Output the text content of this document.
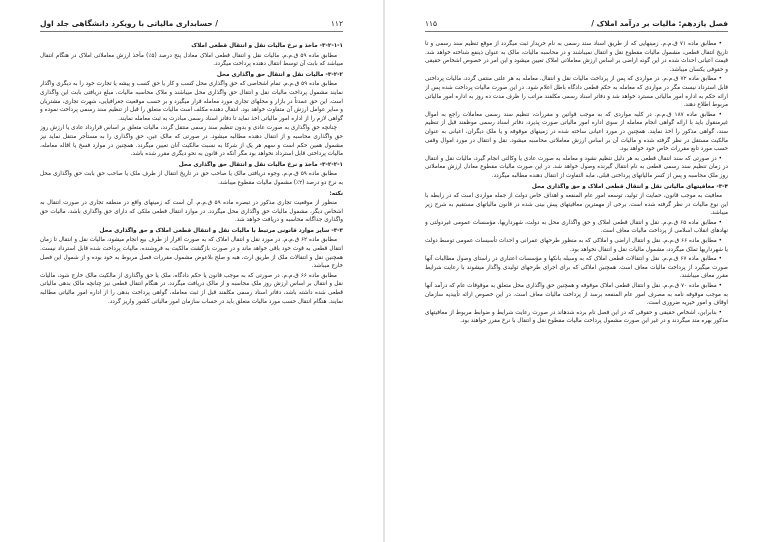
۱۱۲
/ حسابداری مالیاتی با رویکرد دانشگاهی جلد اول

۳-۲-۱-۱- ماخذ و نرخ مالیات نقل و انتقال قطعی املاک

مطابق ماده ۵۹ ق.م.م. مالیات نقل و انتقال قطعی املاک معادل پنج درصد (۵٪) مأخذ ارزش معاملاتی املاک در هنگام انتقال میباشد که بابت آن توسط انتقال دهنده پرداخت میگردد.

۳-۲-۲- مالیات نقل و انتقال حق واگذاری محل

مطابق ماده ۵۹ ق.م.م. تمام اشخاصی که حق واگذاری محل کسب و کار یا حق کسب و پیشه یا تجارت خود را به دیگری واگذار نمایند مشمول پرداخت مالیات نقل و انتقال حق واگذاری محل میباشند و ملاک محاسبه مالیات، مبلغ دریافتی بابت این واگذاری است. این حق عمدتاً در بازار و محلهای تجاری مورد معامله قرار میگیرد و بر حسب موقعیت جغرافیایی، شهرت تجاری، مشتریان و سایر عوامل ارزش آن متفاوت خواهد بود. انتقال دهنده مکلف است مالیات متعلق را قبل از تنظیم سند رسمی پرداخت نموده و گواهی لازم را از اداره امور مالیاتی اخذ نماید تا دفاتر اسناد رسمی مبادرت به ثبت معامله نمایند.

چنانچه حق واگذاری به صورت عادی و بدون تنظیم سند رسمی منتقل گردد، مالیات متعلق بر اساس قرارداد عادی یا ارزش روز حق واگذاری محاسبه و از انتقال دهنده مطالبه میشود. در صورتی که مالک عین، حق واگذاری را به مستأجر منتقل نماید نیز مشمول همین حکم است و سهم هر یک از شرکا به نسبت مالکیت آنان تعیین میگردد. همچنین در موارد فسخ یا اقاله معامله، مالیات پرداختی قابل استرداد نخواهد بود مگر آنکه در قانون به نحو دیگری مقرر شده باشد.

۳-۲-۲-۱- ماخذ و نرخ مالیات نقل و انتقال حق واگذاری محل

مطابق ماده ۵۹ ق.م.م. وجوه دریافتی مالک یا صاحب حق در تاریخ انتقال از طرف ملک یا صاحب حق بابت حق واگذاری محل به نرخ دو درصد (۲٪) مشمول مالیات مقطوع میباشد.

نکته:

منظور از موقعیت تجاری مذکور در تبصره ماده ۵۹ ق.م.م. آن است که زمینهای واقع در منطقه تجاری در صورت انتقال به اشخاص دیگر، مشمول مالیات حق واگذاری محل میگردد. در موارد انتقال قطعی ملکی که دارای حق واگذاری باشد، مالیات حق واگذاری جداگانه محاسبه و دریافت خواهد شد.

۳-۳- سایر موارد قانونی مرتبط با مالیات نقل و انتقال قطعی املاک و حق واگذاری محل

مطابق ماده ۶۲ ق.م.م. در مورد نقل و انتقال املاک که به صورت اقرار از طرف بیع انجام میشود، مالیات نقل و انتقال تا زمان انتقال قطعی به قوت خود باقی خواهد ماند و در صورت بازگشت مالکیت به فروشنده، مالیات پرداخت شده قابل استرداد نیست. همچنین نقل و انتقالات ملک از طریق ارث، هبه و صلح بلاعوض مشمول مقررات فصل مربوط به خود بوده و از شمول این فصل خارج میباشد.

مطابق ماده ۶۶ ق.م.م. در صورتی که به موجب قانون یا حکم دادگاه، ملک یا حق واگذاری از مالکیت مالک خارج شود، مالیات نقل و انتقال بر اساس ارزش روز ملک محاسبه و از مالک دریافت میگردد. در هنگام انتقال قطعی نیز چنانچه مالک بدهی مالیاتی قطعی شده داشته باشد، دفاتر اسناد رسمی مکلفند قبل از ثبت معامله، گواهی پرداخت بدهی را از اداره امور مالیاتی مطالبه نمایند. هنگام انتقال حسب مورد مالیات متعلق باید در حساب سازمان امور مالیاتی کشور واریز گردد.

فصل یازدهم: مالیات بر درآمد املاک /
۱۱۵

• مطابق ماده ۷۱ ق.م.م. زمینهایی که از طریق اسناد سند رسمی به نام خریدار ثبت میگردد از موقع تنظیم سند رسمی و تا تاریخ انتقال قطعی، مشمول مالیات مقطوع نقل و انتقال نمیباشند و در محاسبه مالیات، مالک به عنوان ذینفع شناخته خواهد شد. قیمت اعیانی احداث شده در این گونه اراضی بر اساس ارزش معاملاتی املاک تعیین میشود و این امر در خصوص اشخاص حقیقی و حقوقی یکسان میباشد.

• مطابق ماده ۷۲ ق.م.م. در مواردی که پس از پرداخت مالیات نقل و انتقال، معامله به هر علتی منتفی گردد، مالیات پرداختی قابل استرداد نیست مگر در مواردی که معامله به حکم قطعی دادگاه باطل اعلام شود. در این صورت مالیات پرداخت شده پس از ارائه حکم به اداره امور مالیاتی مسترد خواهد شد و دفاتر اسناد رسمی مکلفند مراتب را ظرف مدت ده روز به اداره امور مالیاتی مربوط اطلاع دهند.

• مطابق ماده ۱۸۷ ق.م.م. در کلیه مواردی که به موجب قوانین و مقررات، تنظیم سند رسمی معاملات راجع به اموال غیرمنقول باید با ارائه گواهی انجام معامله از سوی اداره امور مالیاتی صورت پذیرد، دفاتر اسناد رسمی موظفند قبل از تنظیم سند، گواهی مذکور را اخذ نمایند. همچنین در مورد اعیانی ساخته شده در زمینهای موقوفه و یا ملک دیگران، اعیانی به عنوان مالکیت مستقل در نظر گرفته شده و مالیات آن بر اساس ارزش معاملاتی محاسبه میشود. نقل و انتقال در مورد اموال وقفی حسب مورد تابع مقررات خاص خود خواهد بود.

• در صورتی که سند انتقال قطعی به هر دلیل تنظیم نشود و معامله به صورت عادی یا وکالتی انجام گیرد، مالیات نقل و انتقال در زمان تنظیم سند رسمی قطعی به نام انتقال گیرنده وصول خواهد شد. در این صورت مالیات مقطوع معادل ارزش معاملاتی روز ملک محاسبه و پس از کسر مالیاتهای پرداختی قبلی، مابه التفاوت از انتقال دهنده مطالبه میگردد.

۳-۴- معافیتهای مالیاتی نقل و انتقال قطعی املاک و حق واگذاری محل

معافیت به موجب قانون، حمایت از تولید، توسعه امور عام المنفعه و اهداف خاص دولت از جمله مواردی است که در رابطه با این نوع مالیات در نظر گرفته شده است. برخی از مهمترین معافیتهای پیش بینی شده در قانون مالیاتهای مستقیم به شرح زیر میباشد.

• مطابق ماده ۶۵ ق.م.م. نقل و انتقال قطعی املاک و حق واگذاری محل به دولت، شهرداریها، مؤسسات عمومی غیردولتی و نهادهای انقلاب اسلامی از پرداخت مالیات معاف است.

• مطابق ماده ۶۶ ق.م.م. نقل و انتقال اراضی و املاکی که به منظور طرحهای عمرانی و احداث تأسیسات عمومی توسط دولت یا شهرداریها تملک میگردد، مشمول مالیات نقل و انتقال نخواهد بود.

• مطابق ماده ۶۷ ق.م.م. نقل و انتقالات قطعی املاک که به وسیله بانکها و مؤسسات اعتباری در راستای وصول مطالبات آنها صورت میگیرد از پرداخت مالیات معاف است. همچنین املاکی که برای اجرای طرحهای تولیدی واگذار میشوند با رعایت شرایط مقرر معاف میباشند.

• مطابق ماده ۷۰ ق.م.م. نقل و انتقال قطعی املاک موقوفه و همچنین حق واگذاری محل متعلق به موقوفات عام که درآمد آنها به موجب موقوفه نامه به مصرف امور عام المنفعه برسد از پرداخت مالیات معاف است. در این خصوص ارائه تأییدیه سازمان اوقاف و امور خیریه ضروری است.

• بنابراین، اشخاص حقیقی و حقوقی که در این فصل نام برده شدهاند در صورت رعایت شرایط و ضوابط مربوط از معافیتهای مذکور بهره مند میگردند و در غیر این صورت مشمول پرداخت مالیات مقطوع نقل و انتقال با نرخ مقرر خواهند بود.
